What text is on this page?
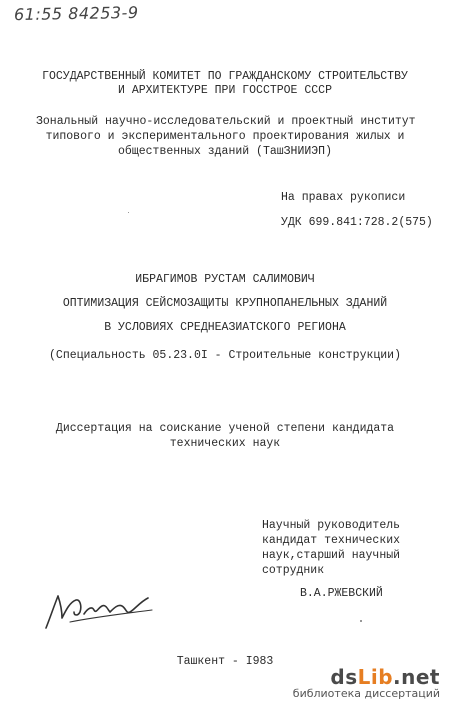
61:55 84253-9
ГОСУДАРСТВЕННЫЙ КОМИТЕТ ПО ГРАЖДАНСКОМУ СТРОИТЕЛЬСТВУ
И АРХИТЕКТУРЕ ПРИ ГОССТРОЕ СССР
Зональный научно-исследовательский и проектный институт
типового и экспериментального проектирования жилых и
общественных зданий (ТашЗНИИЭП)
На правах рукописи
УДК 699.841:728.2(575)
ИБРАГИМОВ РУСТАМ САЛИМОВИЧ
ОПТИМИЗАЦИЯ СЕЙСМОЗАЩИТЫ КРУПНОПАНЕЛЬНЫХ ЗДАНИЙ
В УСЛОВИЯХ СРЕДНЕАЗИАТСКОГО РЕГИОНА
(Специальность 05.23.0I - Строительные конструкции)
Диссертация на соискание ученой степени кандидата
технических наук
Научный руководитель
кандидат технических
наук,старший научный
сотрудник
В.А.РЖЕВСКИЙ
Ташкент - I983
dsLib.net
библиотека диссертаций
